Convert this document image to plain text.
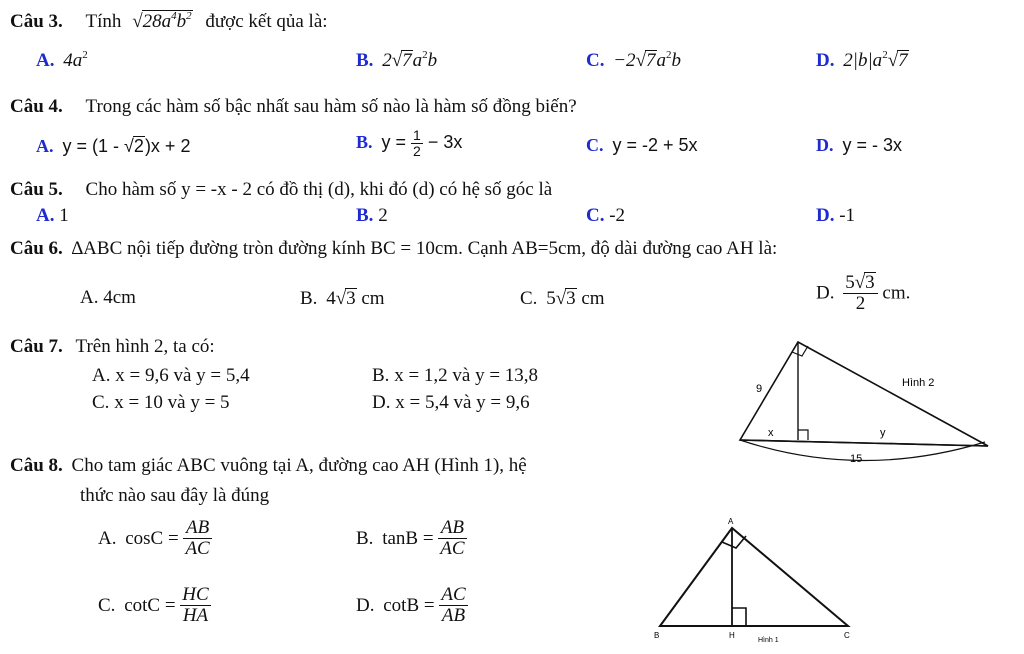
Câu 3. Tính $√28a^4b^2$ được kết qủa là:
A. $4a^2$	B. $2√7a^2b$	C. $-2√7a^2b$	D. $2|b|a^2√7$
Câu 4. Trong các hàm số bậc nhất sau hàm số nào là hàm số đồng biến?
A. y = (1 - √2)x + 2	B. $y = \frac{1}{2} - 3x$	C. y = -2 + 5x	D. y = - 3x
Câu 5. Cho hàm số y = -x - 2 có đồ thị (d), khi đó (d) có hệ số góc là
A. 1	B. 2	C. -2	D. -1
Câu 6. ∆ABC nội tiếp đường tròn đường kính BC = 10cm. Cạnh AB=5cm, độ dài đường cao AH là:
A. 4cm	B. 4√3 cm	C. 5√3 cm	D. $\frac{5√3}{2}$ cm.
Câu 7. Trên hình 2, ta có:
A. x = 9,6 và y = 5,4	B. x = 1,2 và y = 13,8
C. x = 10 và y = 5	D. x = 5,4 và y = 9,6
Câu 8. Cho tam giác ABC vuông tại A, đường cao AH (Hình 1), hệ
thức nào sau đây là đúng
A. $\cos C = \frac{AB}{AC}$	B. $\tan B = \frac{AB}{AC}$
C. $\cot C = \frac{HC}{HA}$	D. $\cot B = \frac{AC}{AB}$
9
x	y
15
Hình 2
A
B	H	C
Hình 1
